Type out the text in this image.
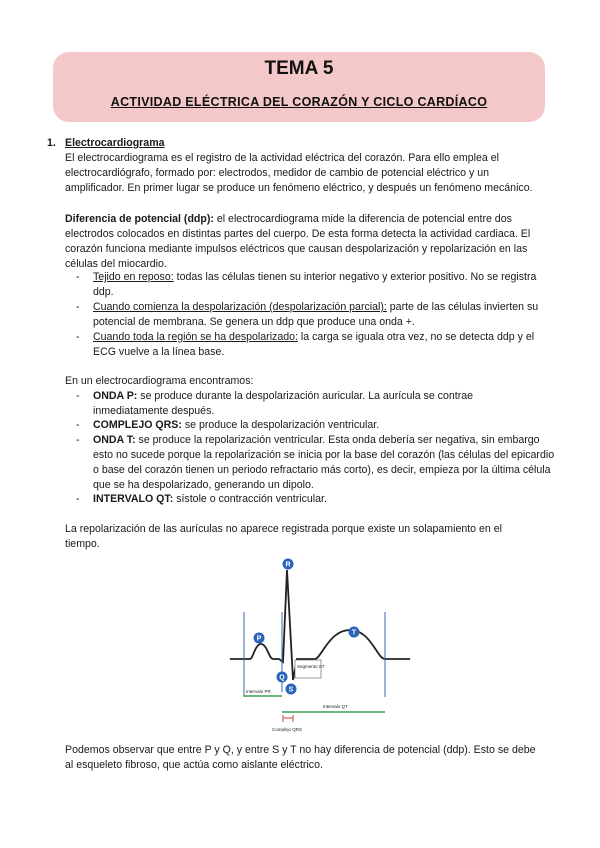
TEMA 5
ACTIVIDAD ELÉCTRICA DEL CORAZÓN Y CICLO CARDÍACO
1. Electrocardiograma
El electrocardiograma es el registro de la actividad eléctrica del corazón. Para ello emplea el electrocardiógrafo, formado por: electrodos, medidor de cambio de potencial eléctrico y un amplificador. En primer lugar se produce un fenómeno eléctrico, y después un fenómeno mecánico.
Diferencia de potencial (ddp): el electrocardiograma mide la diferencia de potencial entre dos electrodos colocados en distintas partes del cuerpo. De esta forma detecta la actividad cardiaca. El corazón funciona mediante impulsos eléctricos que causan despolarización y repolarización en las células del miocardio.
- Tejido en reposo: todas las células tienen su interior negativo y exterior positivo. No se registra ddp.
- Cuando comienza la despolarización (despolarización parcial): parte de las células invierten su potencial de membrana. Se genera un ddp que produce una onda +.
- Cuando toda la región se ha despolarizado: la carga se iguala otra vez, no se detecta ddp y el ECG vuelve a la línea base.
En un electrocardiograma encontramos:
- ONDA P: se produce durante la despolarización auricular. La aurícula se contrae inmediatamente después.
- COMPLEJO QRS: se produce la despolarización ventricular.
- ONDA T: se produce la repolarización ventricular. Esta onda debería ser negativa, sin embargo esto no sucede porque la repolarización se inicia por la base del corazón (las células del epicardio o base del corazón tienen un periodo refractario más corto), es decir, empieza por la última célula que se ha despolarizado, generando un dipolo.
- INTERVALO QT: sístole o contracción ventricular.
La repolarización de las aurículas no aparece registrada porque existe un solapamiento en el tiempo.
Segmento ST
Intervalo PR
Intervalo QT
Complejo QRS
R
P
T
Q
S
Podemos observar que entre P y Q, y entre S y T no hay diferencia de potencial (ddp). Esto se debe al esqueleto fibroso, que actúa como aislante eléctrico.
